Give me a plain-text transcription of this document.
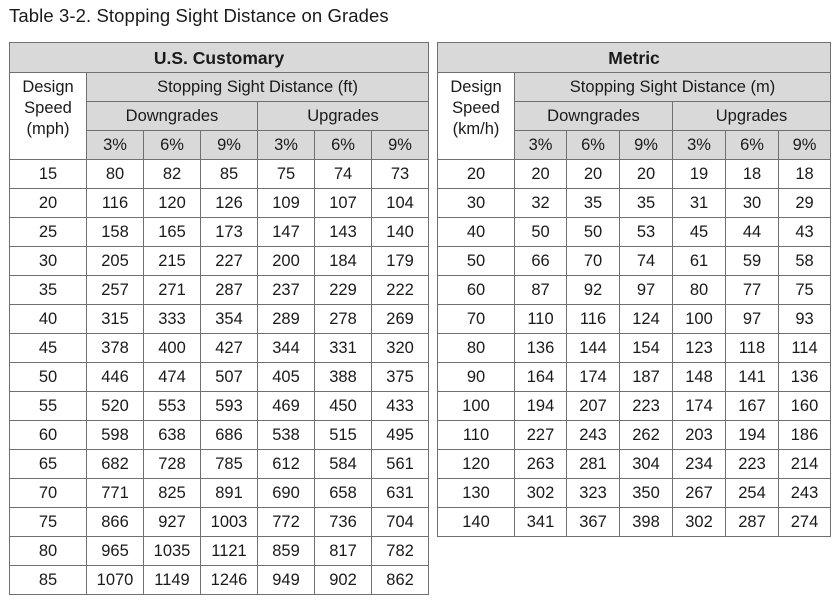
Table 3-2. Stopping Sight Distance on Grades
U.S. Customary						
Design
Speed
(mph)	Stopping Sight Distance (ft)					
	Downgrades			Upgrades		
	3%	6%	9%	3%	6%	9%
15	80	82	85	75	74	73
20	116	120	126	109	107	104
25	158	165	173	147	143	140
30	205	215	227	200	184	179
35	257	271	287	237	229	222
40	315	333	354	289	278	269
45	378	400	427	344	331	320
50	446	474	507	405	388	375
55	520	553	593	469	450	433
60	598	638	686	538	515	495
65	682	728	785	612	584	561
70	771	825	891	690	658	631
75	866	927	1003	772	736	704
80	965	1035	1121	859	817	782
85	1070	1149	1246	949	902	862
Metric						
Design
Speed
(km/h)	Stopping Sight Distance (m)					
	Downgrades			Upgrades		
	3%	6%	9%	3%	6%	9%
20	20	20	20	19	18	18
30	32	35	35	31	30	29
40	50	50	53	45	44	43
50	66	70	74	61	59	58
60	87	92	97	80	77	75
70	110	116	124	100	97	93
80	136	144	154	123	118	114
90	164	174	187	148	141	136
100	194	207	223	174	167	160
110	227	243	262	203	194	186
120	263	281	304	234	223	214
130	302	323	350	267	254	243
140	341	367	398	302	287	274
